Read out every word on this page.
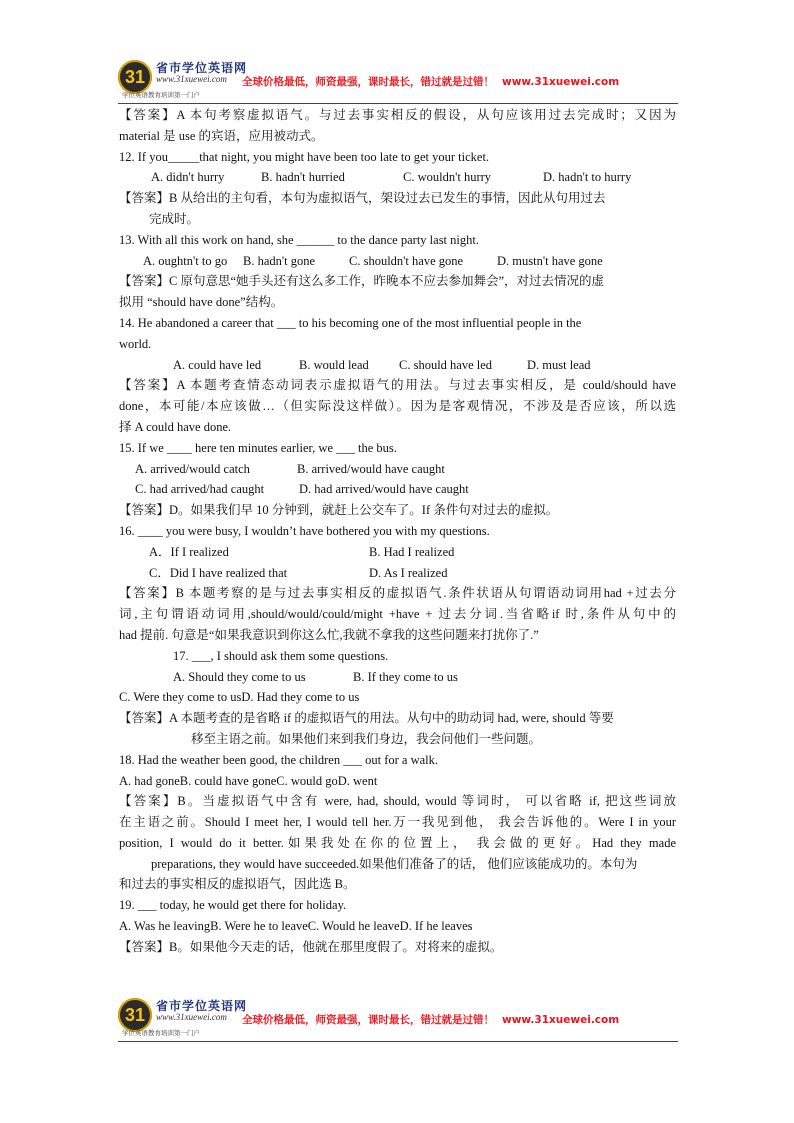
31 省市学位英语网
www.31xuewei.com
学位英语教育培训第一门户
全球价格最低，师资最强，课时最长，错过就是过错！ www.31xuewei.com
【答案】A 本句考察虚拟语气。与过去事实相反的假设，从句应该用过去完成时；又因为
material 是 use 的宾语，应用被动式。
12. If you_____that night, you might have been too late to get your ticket.
A. didn't hurry	B. hadn't hurried	C. wouldn't hurry	D. hadn't to hurry
【答案】B 从给出的主句看，本句为虚拟语气，架设过去已发生的事情，因此从句用过去
完成时。
13. With all this work on hand, she ______ to the dance party last night.
A. oughtn't to go	B. hadn't gone	C. shouldn't have gone	D. mustn't have gone
【答案】C 原句意思“她手头还有这么多工作，昨晚本不应去参加舞会”，对过去情况的虚
拟用 “should have done”结构。
14. He abandoned a career that ___ to his becoming one of the most influential people in the
world.
A. could have led	B. would lead	C. should have led	D. must lead
【答案】A 本题考查情态动词表示虚拟语气的用法。与过去事实相反，是 could/should have
done，本可能/本应该做…（但实际没这样做）。因为是客观情况，不涉及是否应该，所以选
择 A could have done.
15. If we ____ here ten minutes earlier, we ___ the bus.
A. arrived/would catch	B. arrived/would have caught
C. had arrived/had caught	D. had arrived/would have caught
【答案】D。如果我们早 10 分钟到，就赶上公交车了。If 条件句对过去的虚拟。
16. ____ you were busy, I wouldn’t have bothered you with my questions.
A．If I realized	B. Had I realized
C．Did I have realized that	D. As I realized
【答案】B 本题考察的是与过去事实相反的虚拟语气.条件状语从句谓语动词用had +过去分
词,主句谓语动词用,should/would/could/might +have + 过去分词.当省略if 时,条件从句中的
had 提前. 句意是“如果我意识到你这么忙,我就不拿我的这些问题来打扰你了.”
17. ___, I should ask them some questions.
A. Should they come to us	B. If they come to us
C. Were they come to us D. Had they come to us
【答案】A 本题考查的是省略 if 的虚拟语气的用法。从句中的助动词 had, were, should 等要
移至主语之前。如果他们来到我们身边，我会问他们一些问题。
18. Had the weather been good, the children ___ out for a walk.
A. had gone B. could have gone C. would go D. went
【答案】B。当虚拟语气中含有 were, had, should, would 等词时， 可以省略 if, 把这些词放
在主语之前。Should I meet her, I would tell her.万一我见到他， 我会告诉他的。Were I in your
position, I would do it better.如果我处在你的位置上， 我会做的更好。Had they made
preparations, they would have succeeded.如果他们准备了的话， 他们应该能成功的。本句为
和过去的事实相反的虚拟语气，因此选 B。
19. ___ today, he would get there for holiday.
A. Was he leaving B. Were he to leave C. Would he leave D. If he leaves
【答案】B。如果他今天走的话，他就在那里度假了。对将来的虚拟。
31 省市学位英语网
www.31xuewei.com
学位英语教育培训第一门户
全球价格最低，师资最强，课时最长，错过就是过错！ www.31xuewei.com
